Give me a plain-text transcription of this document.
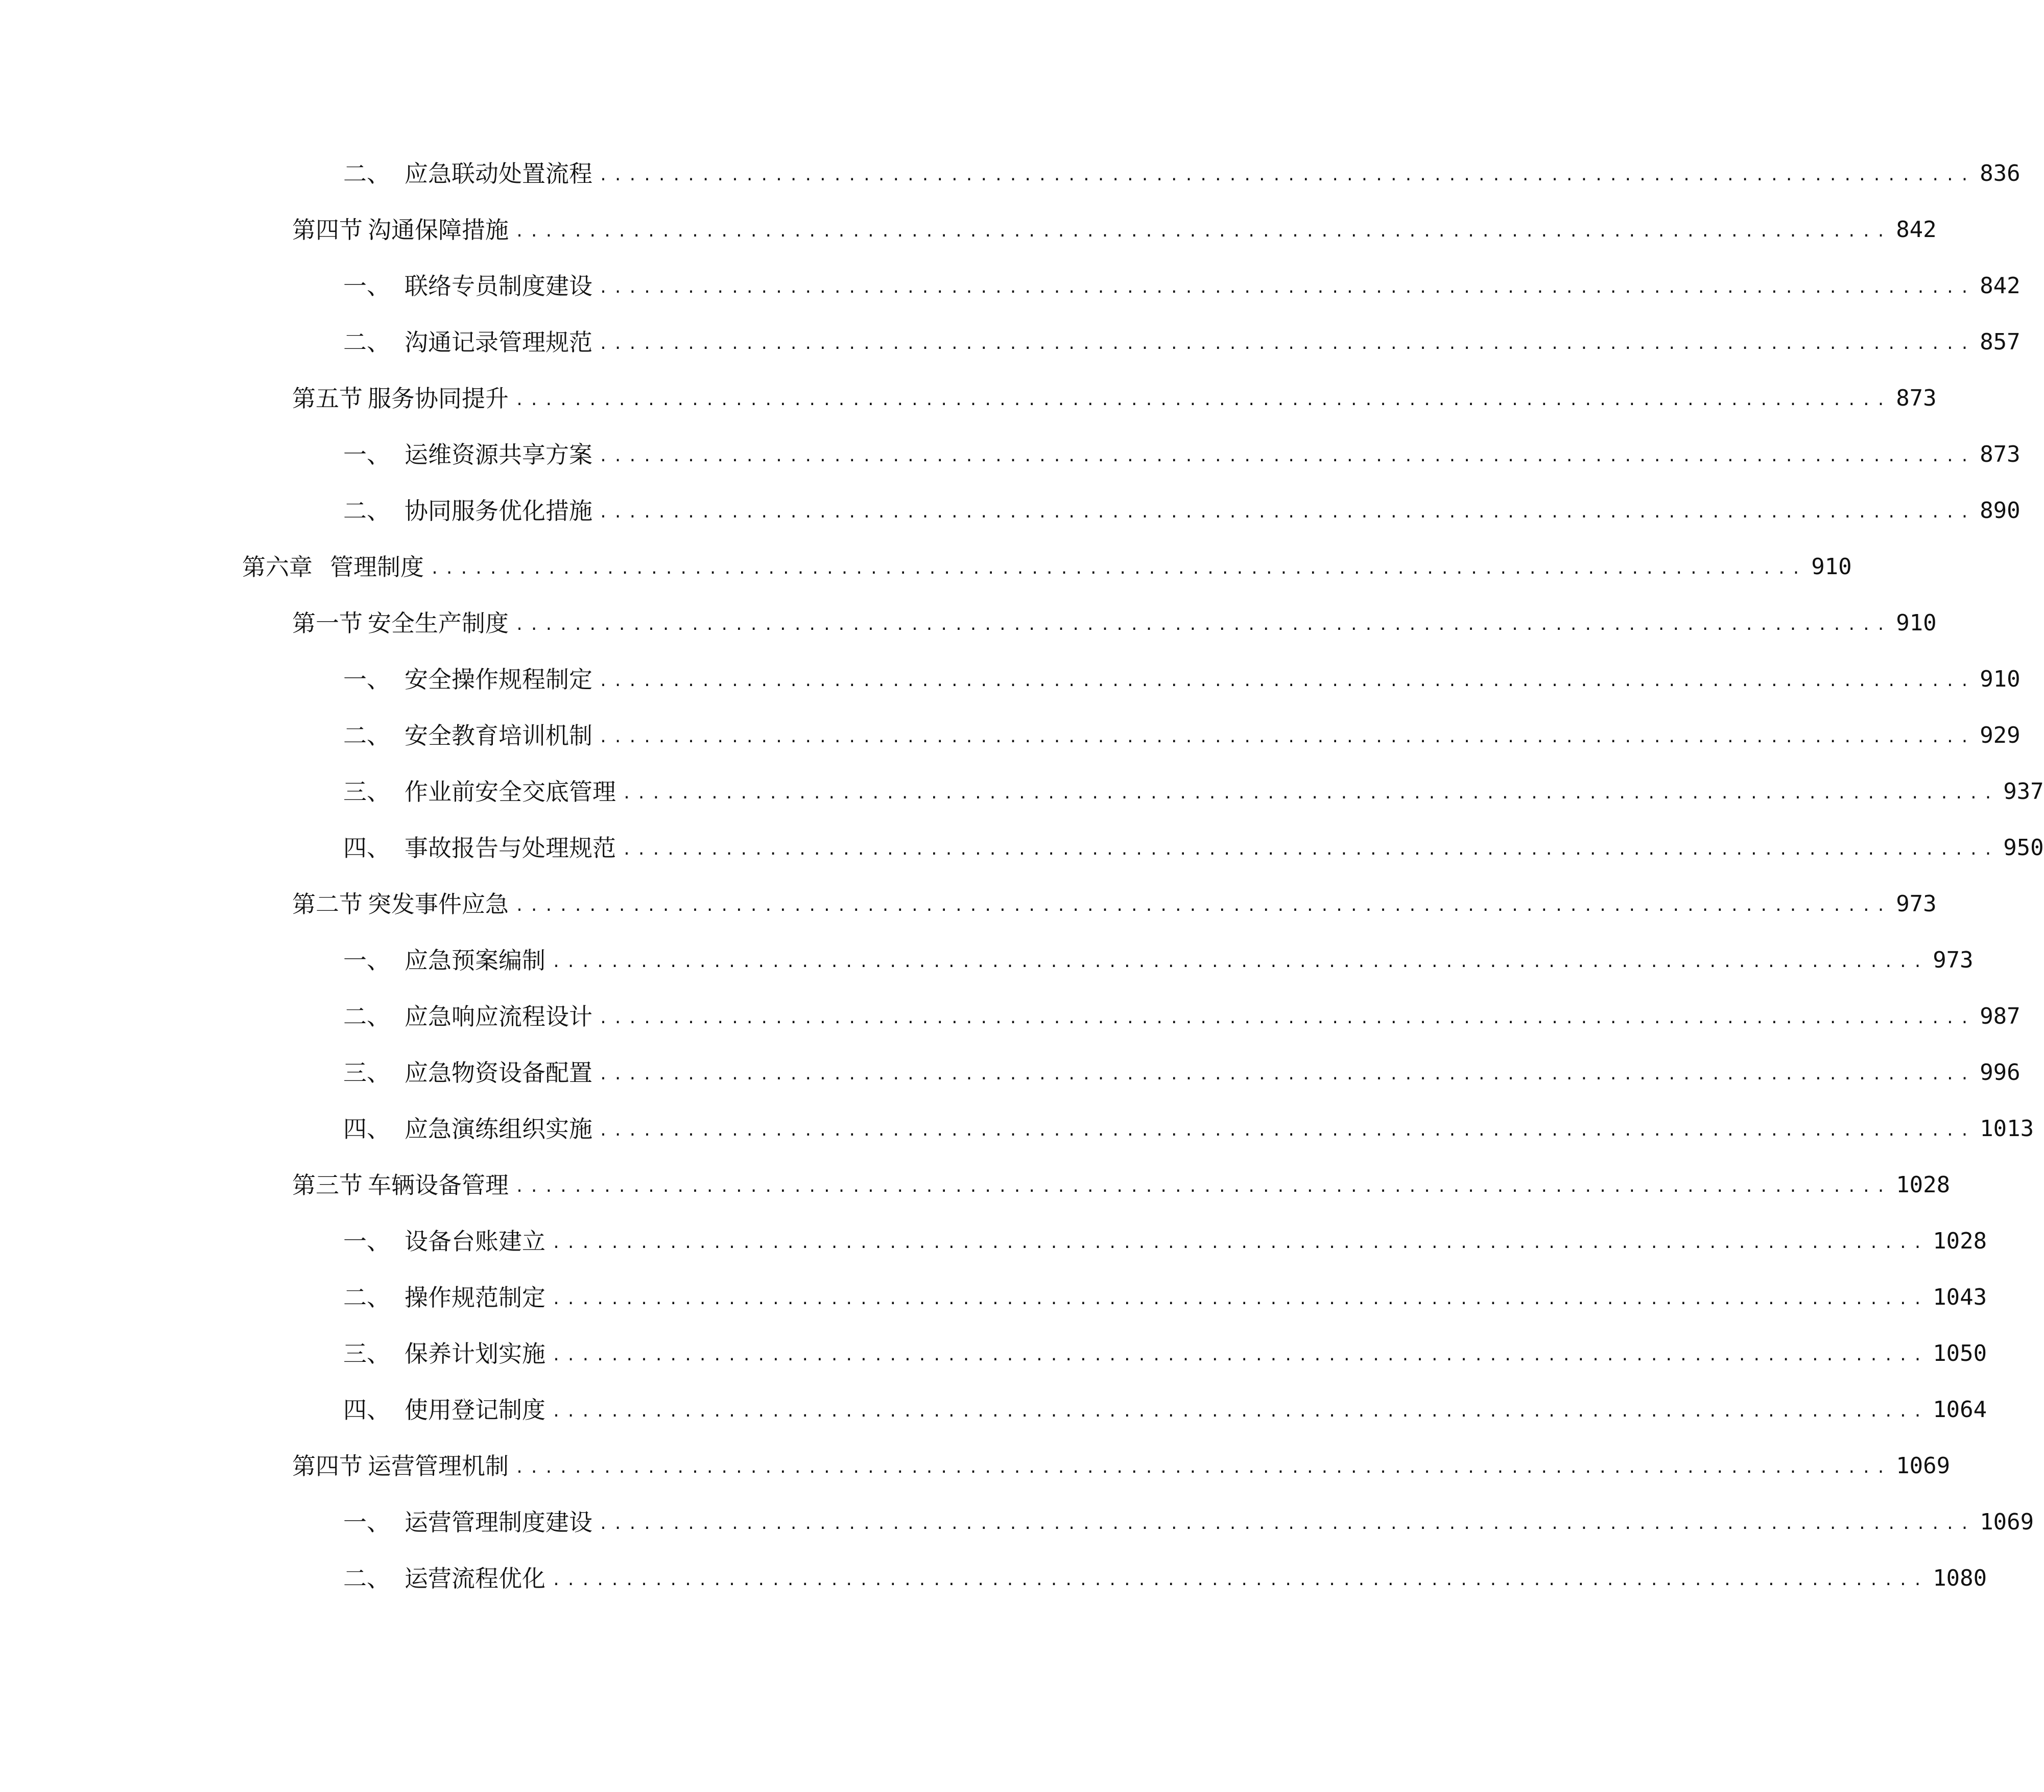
二、 应急联动处置流程 .............................................................................................. 836
第四节 沟通保障措施 .............................................................................................. 842
一、 联络专员制度建设 .............................................................................................. 842
二、 沟通记录管理规范 .............................................................................................. 857
第五节 服务协同提升 .............................................................................................. 873
一、 运维资源共享方案 .............................................................................................. 873
二、 协同服务优化措施 .............................................................................................. 890
第六章 管理制度 .............................................................................................. 910
第一节 安全生产制度 .............................................................................................. 910
一、 安全操作规程制定 .............................................................................................. 910
二、 安全教育培训机制 .............................................................................................. 929
三、 作业前安全交底管理 .............................................................................................. 937
四、 事故报告与处理规范 .............................................................................................. 950
第二节 突发事件应急 .............................................................................................. 973
一、 应急预案编制 .............................................................................................. 973
二、 应急响应流程设计 .............................................................................................. 987
三、 应急物资设备配置 .............................................................................................. 996
四、 应急演练组织实施 .............................................................................................. 1013
第三节 车辆设备管理 .............................................................................................. 1028
一、 设备台账建立 .............................................................................................. 1028
二、 操作规范制定 .............................................................................................. 1043
三、 保养计划实施 .............................................................................................. 1050
四、 使用登记制度 .............................................................................................. 1064
第四节 运营管理机制 .............................................................................................. 1069
一、 运营管理制度建设 .............................................................................................. 1069
二、 运营流程优化 .............................................................................................. 1080
